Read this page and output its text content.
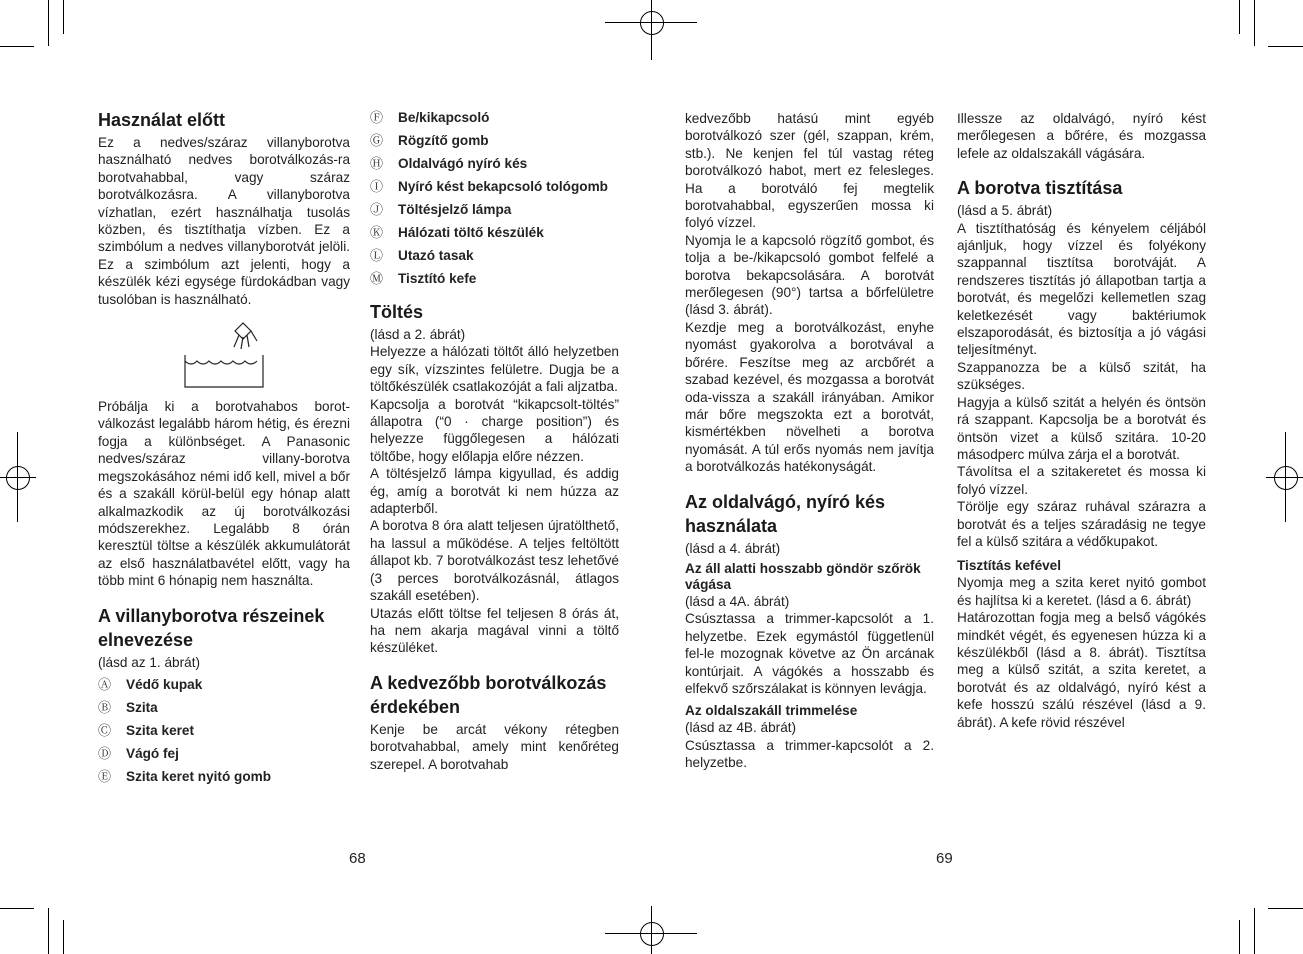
Használat előtt

Ez a nedves/száraz villanyborotva használható nedves borotválkozás-ra borotvahabbal, vagy száraz borotválkozásra. A villanyborotva vízhatlan, ezért használhatja tusolás közben, és tisztíthatja vízben. Ez a szimbólum a nedves villanyborotvát jelöli. Ez a szimbólum azt jelenti, hogy a készülék kézi egysége fürdokádban vagy tusolóban is használható.

Próbálja ki a borotvahabos borot-válkozást legalább három hétig, és érezni fogja a különbséget. A Panasonic nedves/száraz villany-borotva megszokásához némi idő kell, mivel a bőr és a szakáll körül-belül egy hónap alatt alkalmazkodik az új borotválkozási módszerekhez. Legalább 8 órán keresztül töltse a készülék akkumulátorát az első használatbavétel előtt, vagy ha több mint 6 hónapig nem használta.

A villanyborotva részeinek elnevezése

(lásd az 1. ábrát)

Ⓐ	Védő kupak
Ⓑ	Szita
Ⓒ	Szita keret
Ⓓ	Vágó fej
Ⓔ	Szita keret nyitó gomb
Ⓕ	Be/kikapcsoló
Ⓖ	Rögzítő gomb
Ⓗ	Oldalvágó nyíró kés
Ⓘ	Nyíró kést bekapcsoló tológomb
Ⓙ	Töltésjelző lámpa
Ⓚ	Hálózati töltő készülék
Ⓛ	Utazó tasak
Ⓜ	Tisztító kefe
Töltés

(lásd a 2. ábrát)

Helyezze a hálózati töltőt álló helyzetben egy sík, vízszintes felületre. Dugja be a töltőkészülék csatlakozóját a fali aljzatba.

Kapcsolja a borotvát “kikapcsolt-töltés” állapotra (“0 · charge position”) és helyezze függőlegesen a hálózati töltőbe, hogy előlapja előre nézzen.

A töltésjelző lámpa kigyullad, és addig ég, amíg a borotvát ki nem húzza az adapterből.

A borotva 8 óra alatt teljesen újratölthető, ha lassul a működése. A teljes feltöltött állapot kb. 7 borotválkozást tesz lehetővé (3 perces borotválkozásnál, átlagos szakáll esetében).

Utazás előtt töltse fel teljesen 8 órás át, ha nem akarja magával vinni a töltő készüléket.

A kedvezőbb borotválkozás érdekében

Kenje be arcát vékony rétegben borotvahabbal, amely mint kenőréteg szerepel. A borotvahab

kedvezőbb hatású mint egyéb borotválkozó szer (gél, szappan, krém, stb.). Ne kenjen fel túl vastag réteg borotválkozó habot, mert ez felesleges. Ha a borotváló fej megtelik borotvahabbal, egyszerűen mossa ki folyó vízzel.

Nyomja le a kapcsoló rögzítő gombot, és tolja a be-/kikapcsoló gombot felfelé a borotva bekapcsolására. A borotvát merőlegesen (90°) tartsa a bőrfelületre (lásd 3. ábrát).

Kezdje meg a borotválkozást, enyhe nyomást gyakorolva a borotvával a bőrére. Feszítse meg az arcbőrét a szabad kezével, és mozgassa a borotvát oda-vissza a szakáll irányában. Amikor már bőre megszokta ezt a borotvát, kismértékben növelheti a borotva nyomását. A túl erős nyomás nem javítja a borotválkozás hatékonyságát.

Az oldalvágó, nyíró kés használata

(lásd a 4. ábrát)

Az áll alatti hosszabb göndör szőrök vágása

(lásd a 4A. ábrát)

Csúsztassa a trimmer-kapcsolót a 1. helyzetbe. Ezek egymástól függetlenül fel-le mozognak követve az Ön arcának kontúrjait. A vágókés a hosszabb és elfekvő szőrszálakat is könnyen levágja.

Az oldalszakáll trimmelése

(lásd az 4B. ábrát)

Csúsztassa a trimmer-kapcsolót a 2. helyzetbe.

Illessze az oldalvágó, nyíró kést merőlegesen a bőrére, és mozgassa lefele az oldalszakáll vágására.

A borotva tisztítása

(lásd a 5. ábrát)

A tisztíthatóság és kényelem céljából ajánljuk, hogy vízzel és folyékony szappannal tisztítsa borotváját. A rendszeres tisztítás jó állapotban tartja a borotvát, és megelőzi kellemetlen szag keletkezését vagy baktériumok elszaporodását, és biztosítja a jó vágási teljesítményt.

Szappanozza be a külső szitát, ha szükséges.

Hagyja a külső szitát a helyén és öntsön rá szappant. Kapcsolja be a borotvát és öntsön vizet a külső szitára. 10-20 másodperc múlva zárja el a borotvát.

Távolítsa el a szitakeretet és mossa ki folyó vízzel.

Törölje egy száraz ruhával szárazra a borotvát és a teljes száradásig ne tegye fel a külső szitára a védőkupakot.

Tisztítás kefével

Nyomja meg a szita keret nyitó gombot és hajlítsa ki a keretet. (lásd a 6. ábrát)

Határozottan fogja meg a belső vágókés mindkét végét, és egyenesen húzza ki a készülékből (lásd a 8. ábrát). Tisztítsa meg a külső szitát, a szita keretet, a borotvát és az oldalvágó, nyíró kést a kefe hosszú szálú részével (lásd a 9. ábrát). A kefe rövid részével

68	69
